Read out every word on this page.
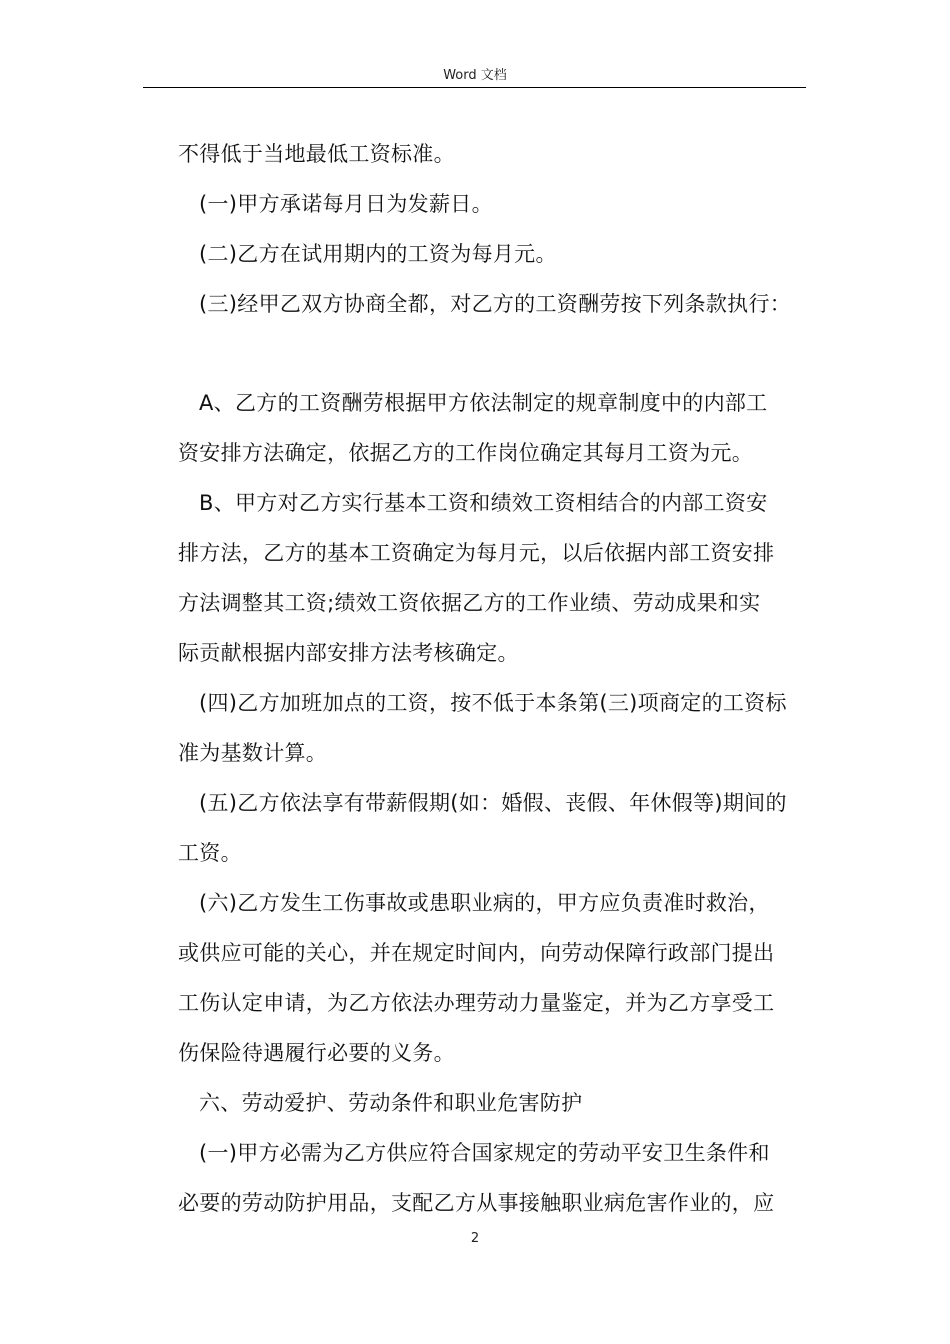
Word 文档
不得低于当地最低工资标准。
(一)甲方承诺每月日为发薪日。
(二)乙方在试用期内的工资为每月元。
(三)经甲乙双方协商全都，对乙方的工资酬劳按下列条款执行：
A、乙方的工资酬劳根据甲方依法制定的规章制度中的内部工
资安排方法确定，依据乙方的工作岗位确定其每月工资为元。
B、甲方对乙方实行基本工资和绩效工资相结合的内部工资安
排方法，乙方的基本工资确定为每月元，以后依据内部工资安排
方法调整其工资;绩效工资依据乙方的工作业绩、劳动成果和实
际贡献根据内部安排方法考核确定。
(四)乙方加班加点的工资，按不低于本条第(三)项商定的工资标
准为基数计算。
(五)乙方依法享有带薪假期(如：婚假、丧假、年休假等)期间的
工资。
(六)乙方发生工伤事故或患职业病的，甲方应负责准时救治，
或供应可能的关心，并在规定时间内，向劳动保障行政部门提出
工伤认定申请，为乙方依法办理劳动力量鉴定，并为乙方享受工
伤保险待遇履行必要的义务。
六、劳动爱护、劳动条件和职业危害防护
(一)甲方必需为乙方供应符合国家规定的劳动平安卫生条件和
必要的劳动防护用品，支配乙方从事接触职业病危害作业的，应
2
